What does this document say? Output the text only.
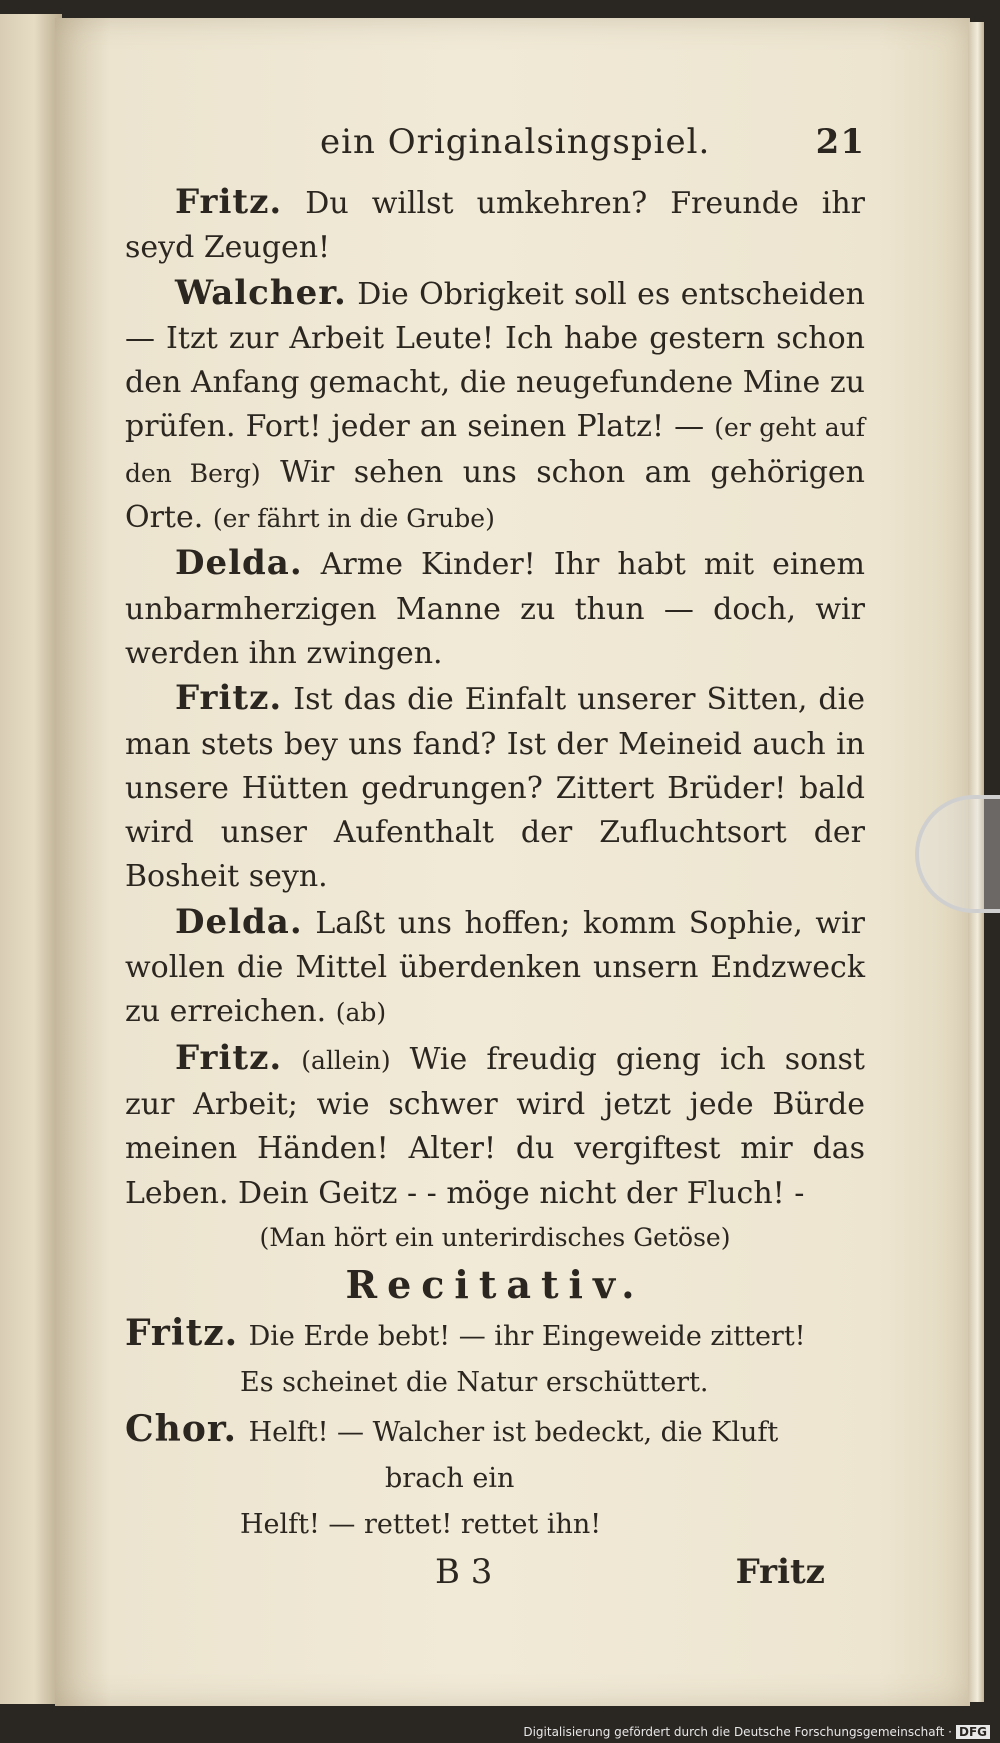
ein Originalsingspiel.	21

Fritz. Du willst umkehren? Freunde ihr seyd Zeugen!

Walcher. Die Obrigkeit soll es entscheiden — Itzt zur Arbeit Leute! Ich habe gestern schon den Anfang gemacht, die neugefundene Mine zu prüfen. Fort! jeder an seinen Platz! — (er geht auf den Berg) Wir sehen uns schon am gehörigen Orte. (er fährt in die Grube)

Delda. Arme Kinder! Ihr habt mit einem unbarmherzigen Manne zu thun — doch, wir werden ihn zwingen.

Fritz. Ist das die Einfalt unserer Sitten, die man stets bey uns fand? Ist der Meineid auch in unsere Hütten gedrungen? Zittert Brüder! bald wird unser Aufenthalt der Zufluchtsort der Bosheit seyn.

Delda. Laßt uns hoffen; komm Sophie, wir wollen die Mittel überdenken unsern Endzweck zu erreichen. (ab)

Fritz. (allein) Wie freudig gieng ich sonst zur Arbeit; wie schwer wird jetzt jede Bürde meinen Händen! Alter! du vergiftest mir das Leben. Dein Geitz - - möge nicht der Fluch! -

(Man hört ein unterirdisches Getöse)

Recitativ.

Fritz. Die Erde bebt! — ihr Eingeweide zittert!

Es scheinet die Natur erschüttert.

Chor. Helft! — Walcher ist bedeckt, die Kluft

brach ein

Helft! — rettet! rettet ihn!

B 3	Fritz
Digitalisierung gefördert durch die Deutsche Forschungsgemeinschaft · DFG
